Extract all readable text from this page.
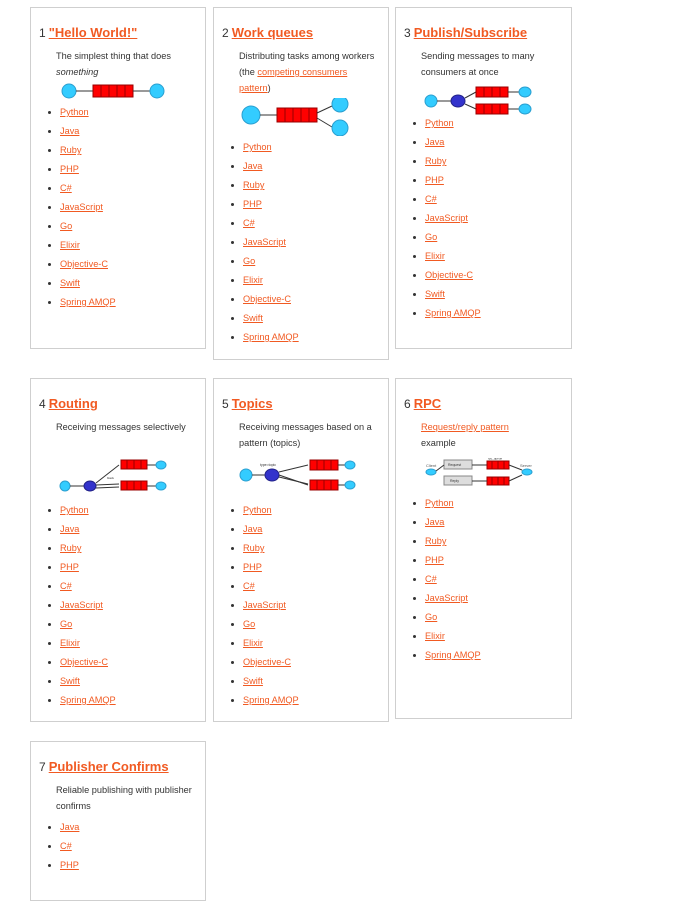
1 "Hello World!"
The simplest thing that does
something
• Python
• Java
• Ruby
• PHP
• C#
• JavaScript
• Go
• Elixir
• Objective-C
• Swift
• Spring AMQP
2 Work queues
Distributing tasks among workers (the competing consumers pattern)
• Python
• Java
• Ruby
• PHP
• C#
• JavaScript
• Go
• Elixir
• Objective-C
• Swift
• Spring AMQP
3 Publish/Subscribe
Sending messages to many consumers at once
• Python
• Java
• Ruby
• PHP
• C#
• JavaScript
• Go
• Elixir
• Objective-C
• Swift
• Spring AMQP
4 Routing
Receiving messages selectively
black
• Python
• Java
• Ruby
• PHP
• C#
• JavaScript
• Go
• Elixir
• Objective-C
• Swift
• Spring AMQP
5 Topics
Receiving messages based on a pattern (topics)
type=topic
• Python
• Java
• Ruby
• PHP
• C#
• JavaScript
• Go
• Elixir
• Objective-C
• Swift
• Spring AMQP
6 RPC
Request/reply pattern
example
Client	Request
Reply
rpc_queue
Server
• Python
• Java
• Ruby
• PHP
• C#
• JavaScript
• Go
• Elixir
• Spring AMQP
7 Publisher Confirms
Reliable publishing with publisher confirms
• Java
• C#
• PHP
